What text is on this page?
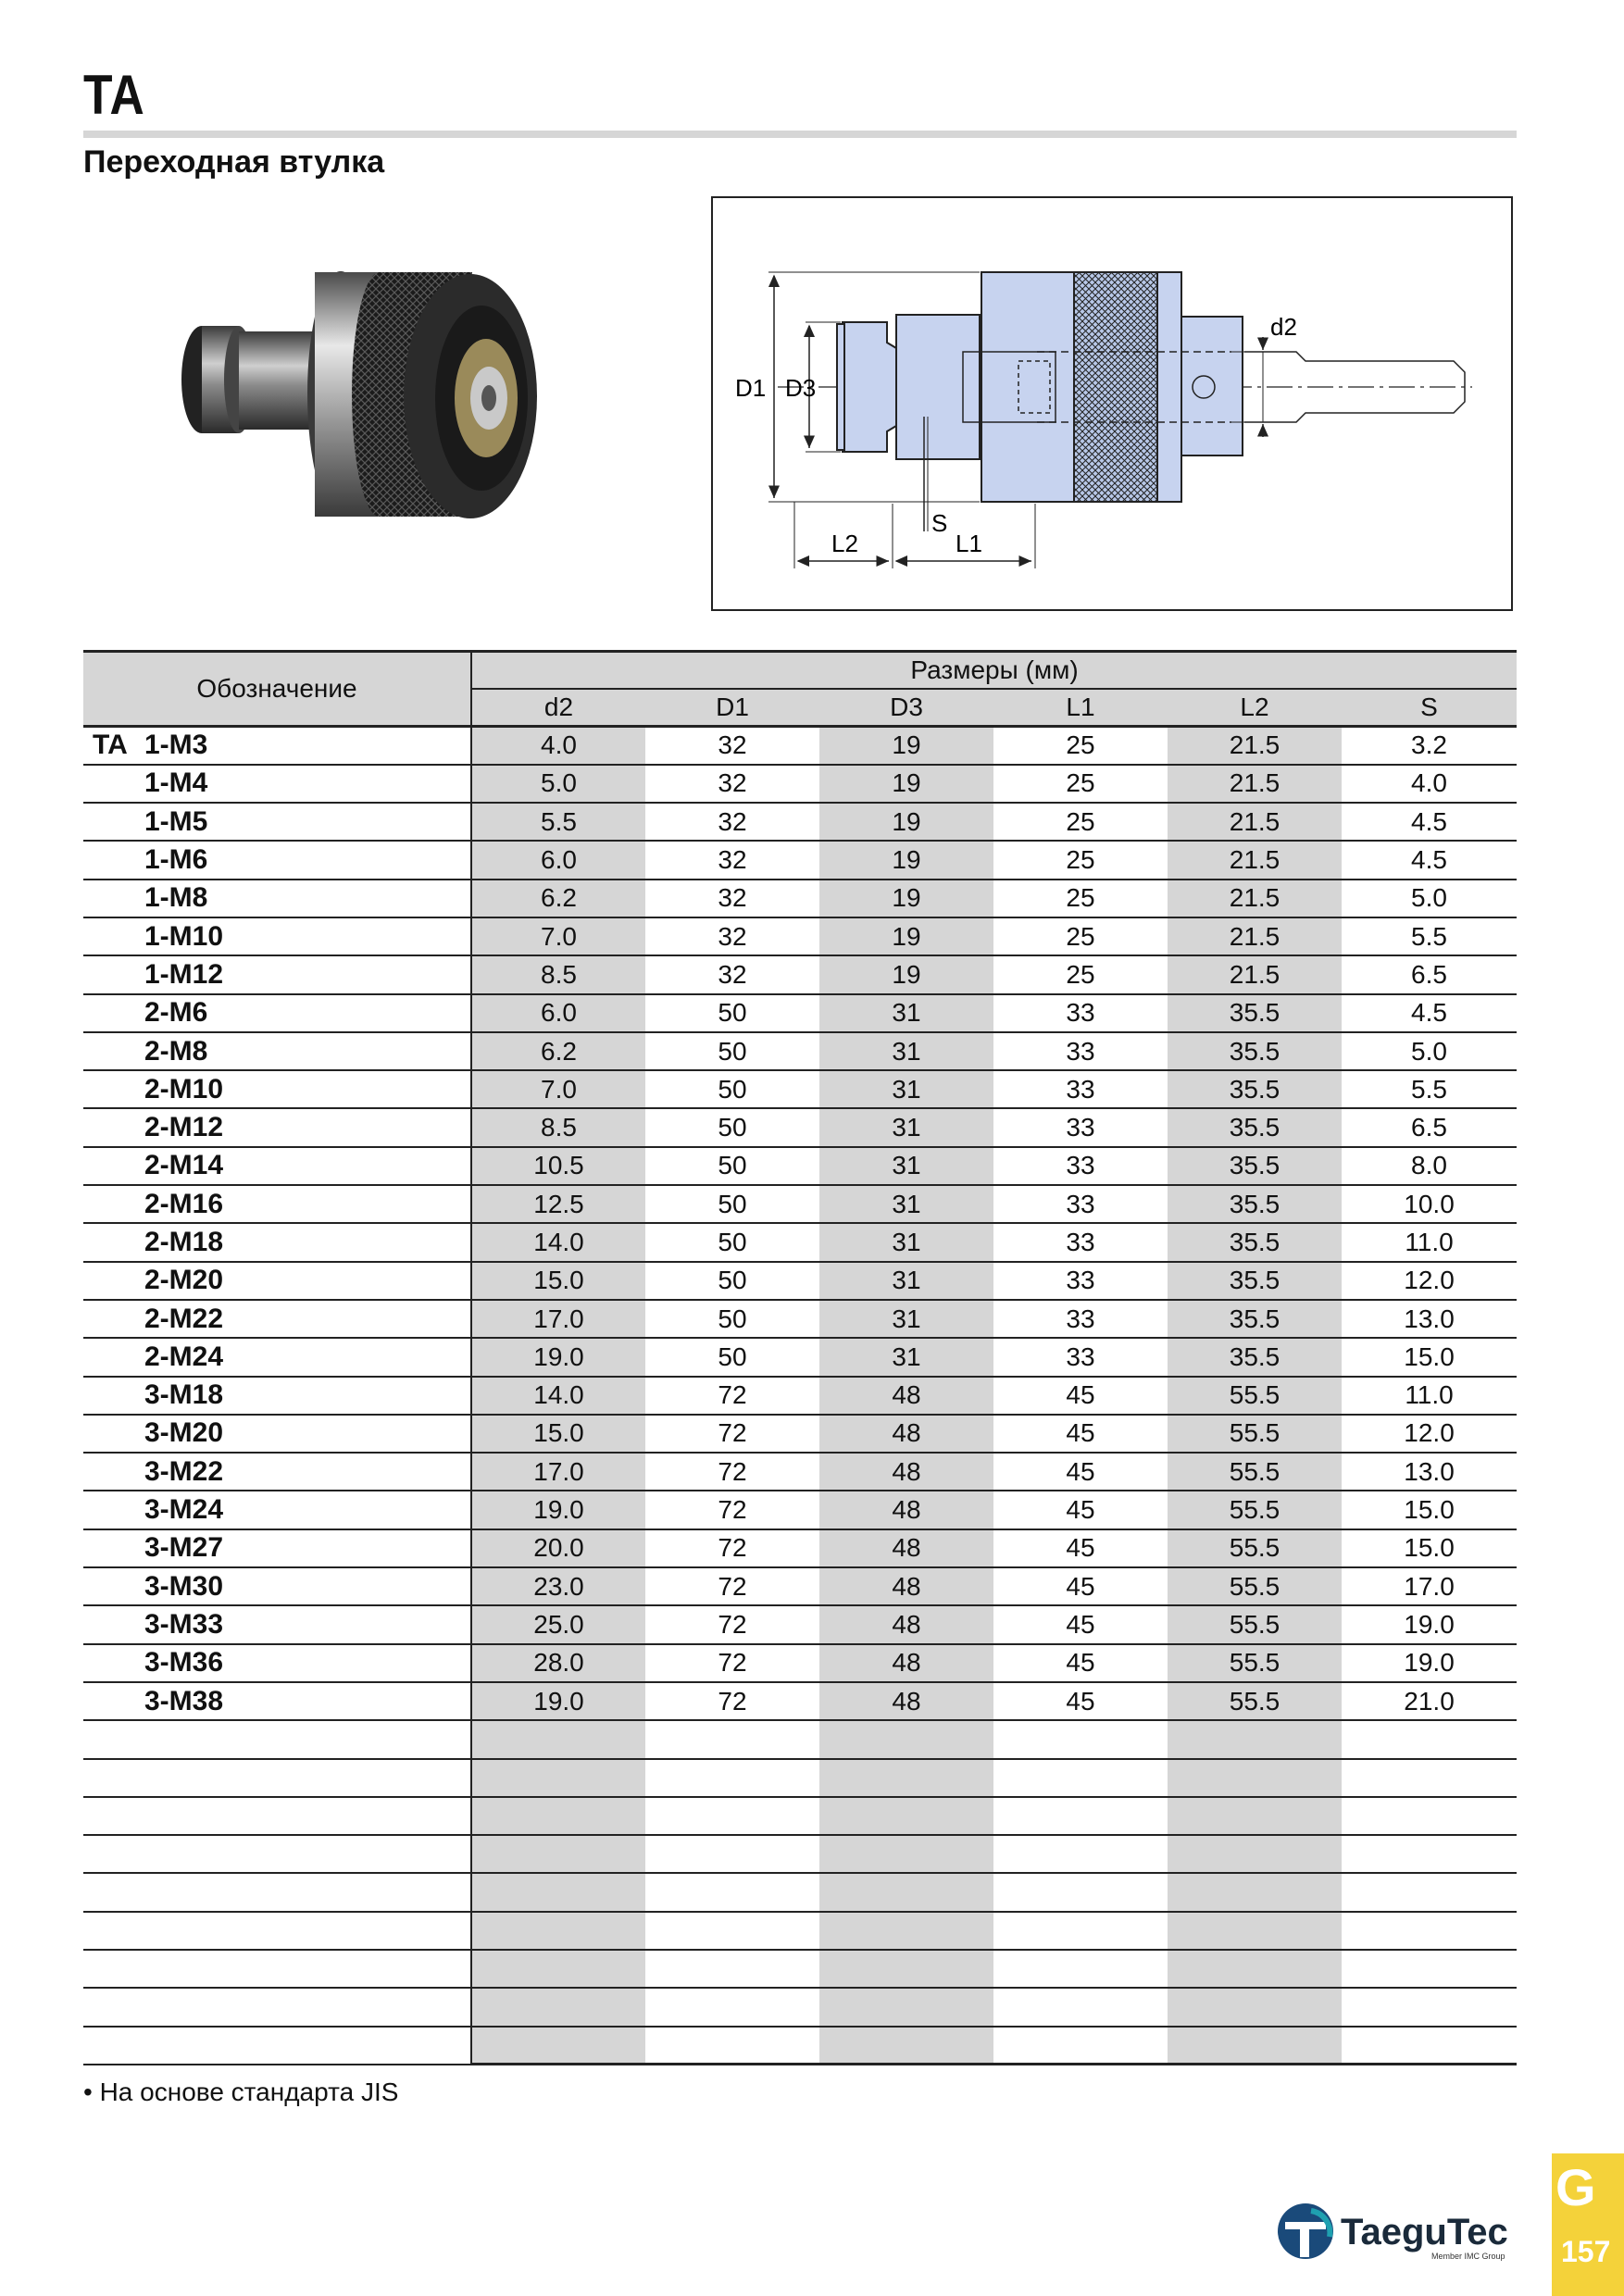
TA
Переходная втулка
D1 D3
d2
S
L2	L1
Обозначение	Размеры (мм)					
	d2	D1	D3	L1	L2	S
TA 1-M3	4.0	32	19	25	21.5	3.2
1-M4	5.0	32	19	25	21.5	4.0
1-M5	5.5	32	19	25	21.5	4.5
1-M6	6.0	32	19	25	21.5	4.5
1-M8	6.2	32	19	25	21.5	5.0
1-M10	7.0	32	19	25	21.5	5.5
1-M12	8.5	32	19	25	21.5	6.5
2-M6	6.0	50	31	33	35.5	4.5
2-M8	6.2	50	31	33	35.5	5.0
2-M10	7.0	50	31	33	35.5	5.5
2-M12	8.5	50	31	33	35.5	6.5
2-M14	10.5	50	31	33	35.5	8.0
2-M16	12.5	50	31	33	35.5	10.0
2-M18	14.0	50	31	33	35.5	11.0
2-M20	15.0	50	31	33	35.5	12.0
2-M22	17.0	50	31	33	35.5	13.0
2-M24	19.0	50	31	33	35.5	15.0
3-M18	14.0	72	48	45	55.5	11.0
3-M20	15.0	72	48	45	55.5	12.0
3-M22	17.0	72	48	45	55.5	13.0
3-M24	19.0	72	48	45	55.5	15.0
3-M27	20.0	72	48	45	55.5	15.0
3-M30	23.0	72	48	45	55.5	17.0
3-M33	25.0	72	48	45	55.5	19.0
3-M36	28.0	72	48	45	55.5	19.0
3-M38	19.0	72	48	45	55.5	21.0

• На основе стандарта JIS
TaeguTec
Member IMC Group
G
157
